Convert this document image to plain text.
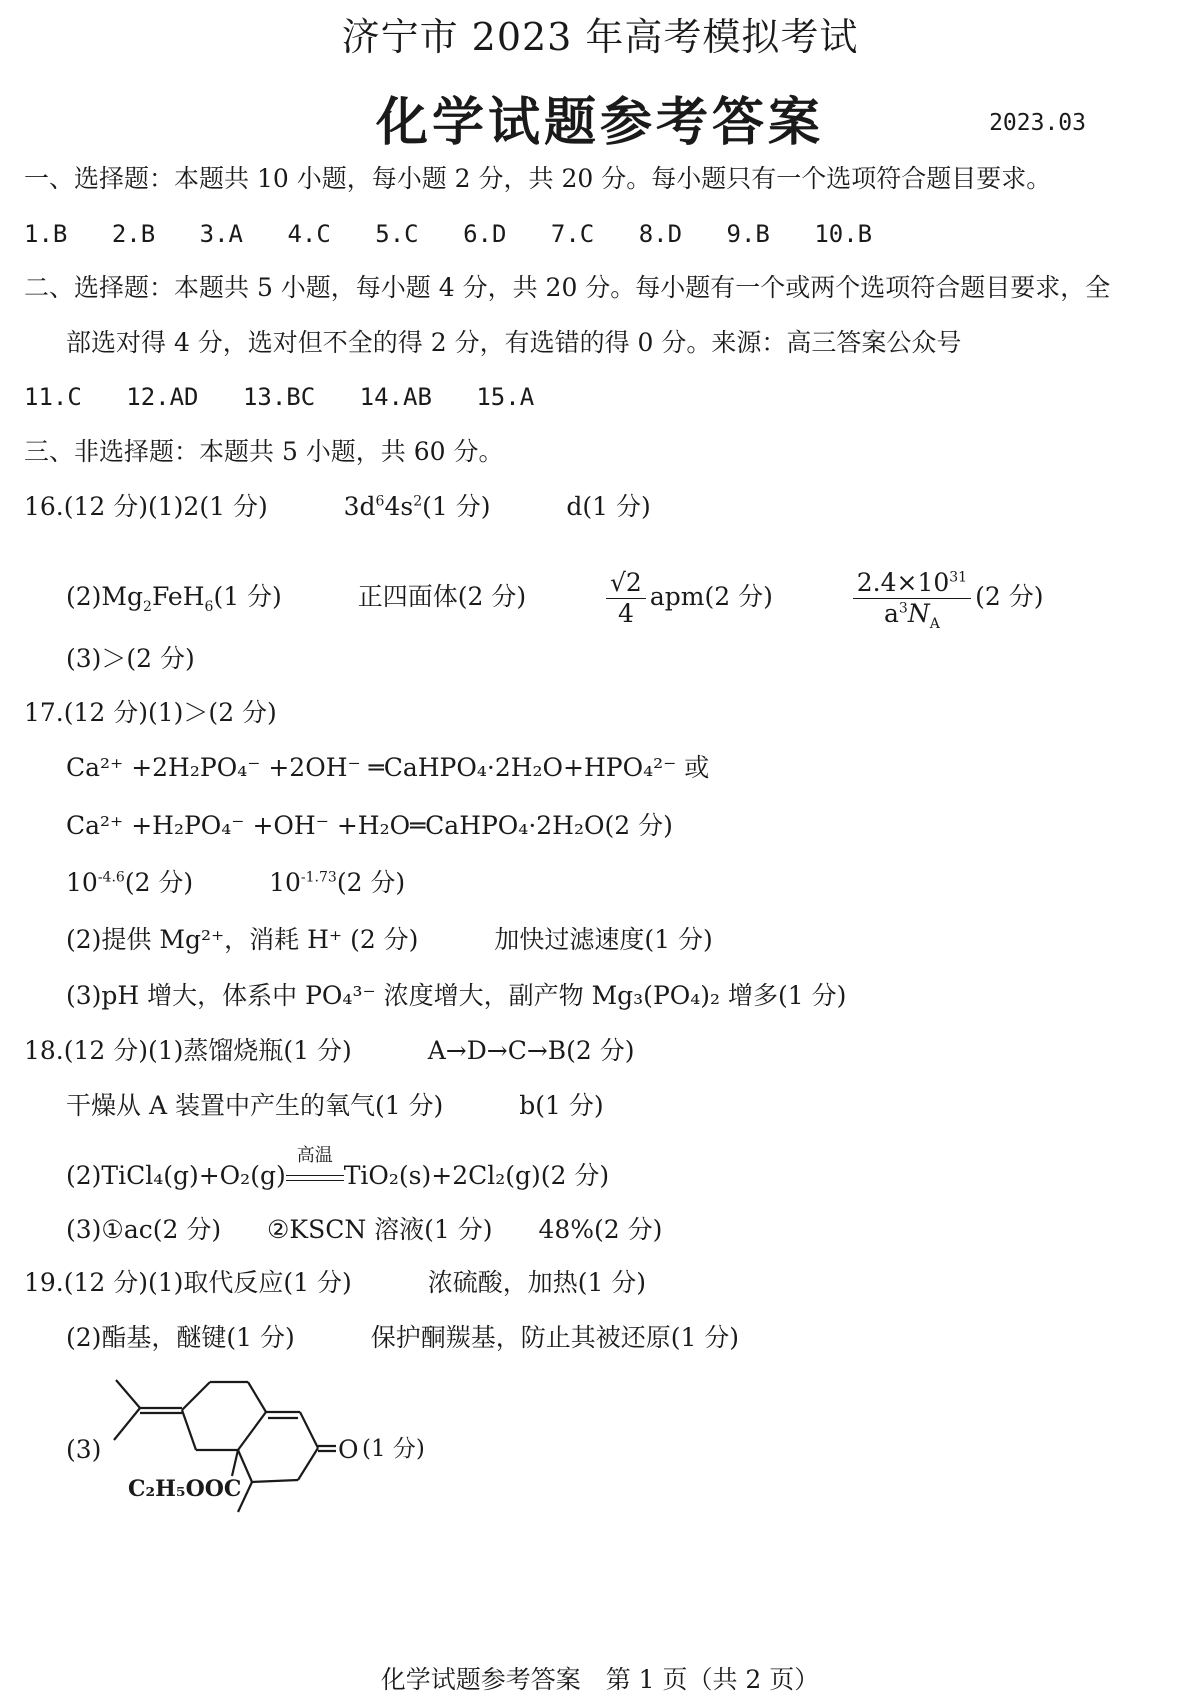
济宁市 2023 年高考模拟考试
化学试题参考答案	2023.03
一、选择题：本题共 10 小题，每小题 2 分，共 20 分。每小题只有一个选项符合题目要求。
1.B 2.B 3.A 4.C 5.C 6.D 7.C 8.D 9.B 10.B
二、选择题：本题共 5 小题，每小题 4 分，共 20 分。每小题有一个或两个选项符合题目要求，全
部选对得 4 分，选对但不全的得 2 分，有选错的得 0 分。来源：高三答案公众号
11.C 12.AD 13.BC 14.AB 15.A
三、非选择题：本题共 5 小题，共 60 分。
16.(12 分)(1)2(1 分)	$3d^64s^2(1$ 分)	d(1 分)
$(2)Mg_2FeH_6(1$ 分)	正四面体(2 分)	$\frac{√2}{4} apm(2$ 分)	$\frac{2.4\times 10^{31}}{a^3N_A} (2$ 分)
(3)＞(2 分)
17.(12 分)(1)＞(2 分)
Ca²⁺ +2H₂PO₄⁻ +2OH⁻ ═CaHPO₄·2H₂O+HPO₄²⁻ 或
Ca²⁺ +H₂PO₄⁻ +OH⁻ +H₂O═CaHPO₄·2H₂O(2 分)
$10^{-4.6}(2$ 分)	$10^{-1.73}(2$ 分)
(2)提供 Mg²⁺，消耗 H⁺ (2 分)	加快过滤速度(1 分)
(3)pH 增大，体系中 PO₄³⁻ 浓度增大，副产物 Mg₃(PO₄)₂ 增多(1 分)
18.(12 分)(1)蒸馏烧瓶(1 分)	A→D→C→B(2 分)
干燥从 A 装置中产生的氧气(1 分)	b(1 分)
(2)TiCl₄(g)+O₂(g)
高温
TiO₂(s)+2Cl₂(g)(2 分)
(3)①ac(2 分) ②KSCN 溶液(1 分) 48%(2 分)
19.(12 分)(1)取代反应(1 分)	浓硫酸，加热(1 分)
(2)酯基，醚键(1 分)	保护酮羰基，防止其被还原(1 分)
(3)	O (1 分)
C₂H₅OOC
化学试题参考答案　第 1 页（共 2 页）
